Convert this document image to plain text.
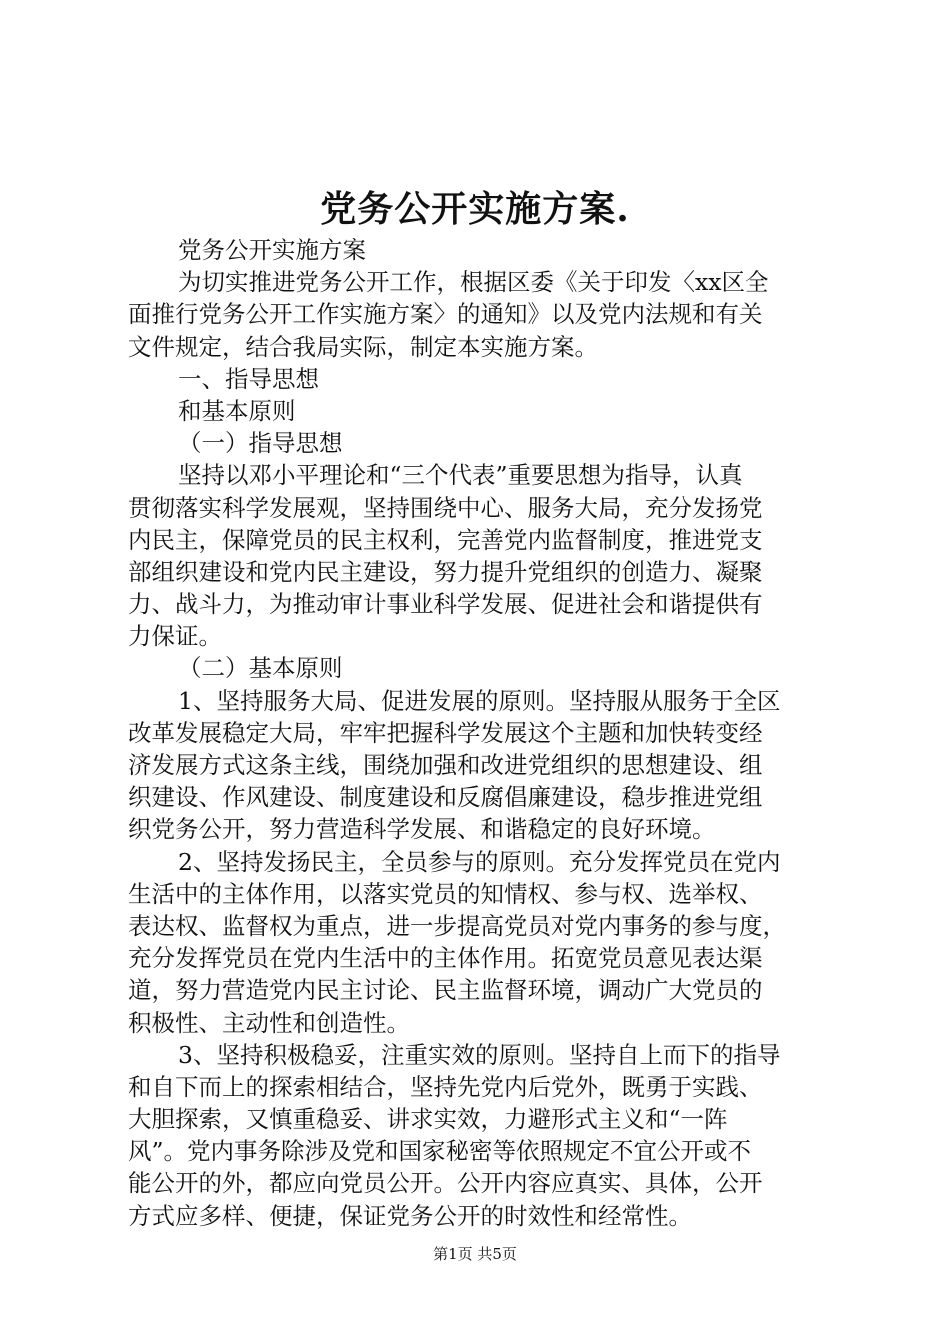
党务公开实施方案.
党务公开实施方案
为切实推进党务公开工作，根据区委《关于印发〈xx区全
面推行党务公开工作实施方案〉的通知》以及党内法规和有关
文件规定，结合我局实际，制定本实施方案。
一、指导思想
和基本原则
（一）指导思想
坚持以邓小平理论和“三个代表”重要思想为指导，认真
贯彻落实科学发展观，坚持围绕中心、服务大局，充分发扬党
内民主，保障党员的民主权利，完善党内监督制度，推进党支
部组织建设和党内民主建设，努力提升党组织的创造力、凝聚
力、战斗力，为推动审计事业科学发展、促进社会和谐提供有
力保证。
（二）基本原则
1、坚持服务大局、促进发展的原则。坚持服从服务于全区
改革发展稳定大局，牢牢把握科学发展这个主题和加快转变经
济发展方式这条主线，围绕加强和改进党组织的思想建设、组
织建设、作风建设、制度建设和反腐倡廉建设，稳步推进党组
织党务公开，努力营造科学发展、和谐稳定的良好环境。
2、坚持发扬民主，全员参与的原则。充分发挥党员在党内
生活中的主体作用，以落实党员的知情权、参与权、选举权、
表达权、监督权为重点，进一步提高党员对党内事务的参与度，
充分发挥党员在党内生活中的主体作用。拓宽党员意见表达渠
道，努力营造党内民主讨论、民主监督环境，调动广大党员的
积极性、主动性和创造性。
3、坚持积极稳妥，注重实效的原则。坚持自上而下的指导
和自下而上的探索相结合，坚持先党内后党外，既勇于实践、
大胆探索，又慎重稳妥、讲求实效，力避形式主义和“一阵
风”。党内事务除涉及党和国家秘密等依照规定不宜公开或不
能公开的外，都应向党员公开。公开内容应真实、具体，公开
方式应多样、便捷，保证党务公开的时效性和经常性。
第1页 共5页
